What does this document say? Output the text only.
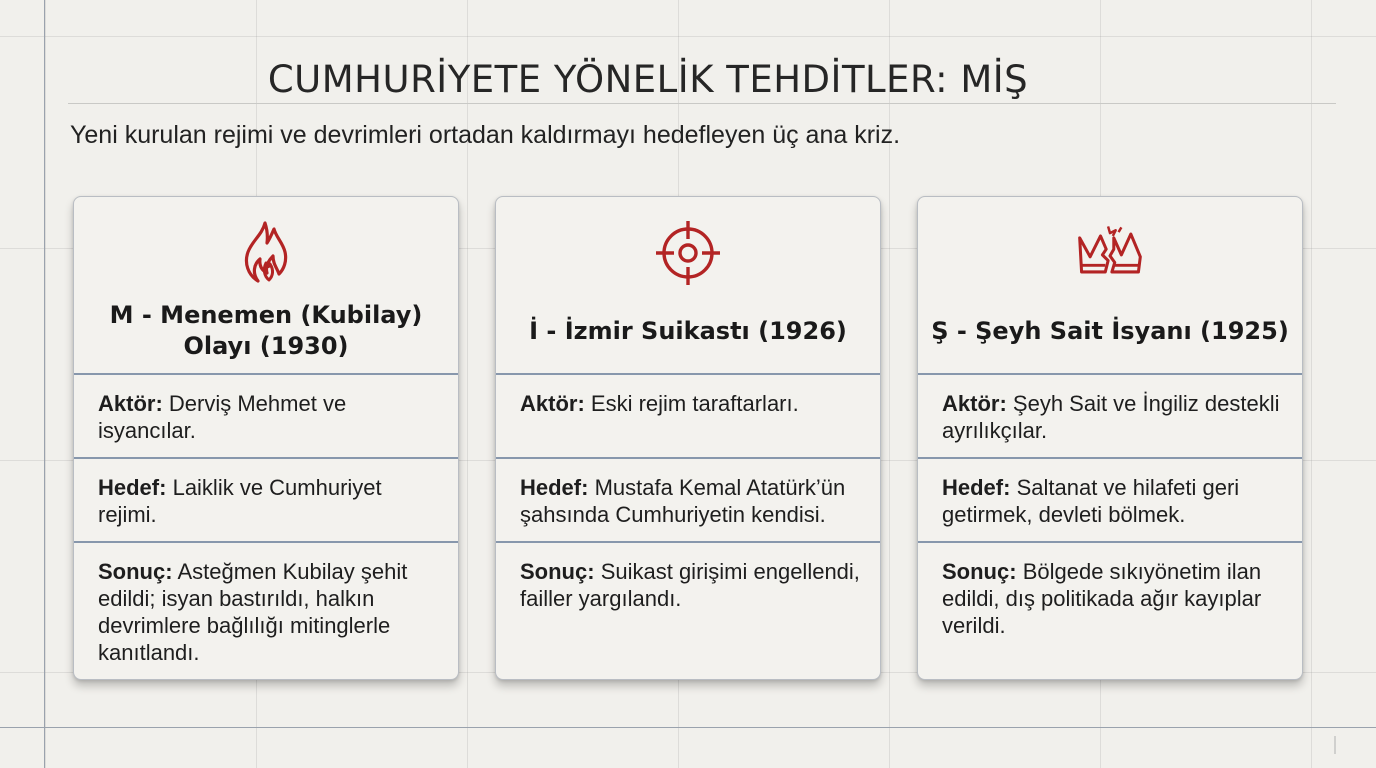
CUMHURİYETE YÖNELİK TEHDİTLER: MİŞ

Yeni kurulan rejimi ve devrimleri ortadan kaldırmayı hedefleyen üç ana kriz.

M - Menemen (Kubilay) Olayı (1930)
Aktör: Derviş Mehmet ve isyancılar.
Hedef: Laiklik ve Cumhuriyet rejimi.
Sonuç: Asteğmen Kubilay şehit edildi; isyan bastırıldı, halkın devrimlere bağlılığı mitinglerle kanıtlandı.
İ - İzmir Suikastı (1926)
Aktör: Eski rejim taraftarları.
Hedef: Mustafa Kemal Atatürk’ün şahsında Cumhuriyetin kendisi.
Sonuç: Suikast girişimi engellendi, failler yargılandı.
Ş - Şeyh Sait İsyanı (1925)
Aktör: Şeyh Sait ve İngiliz destekli ayrılıkçılar.
Hedef: Saltanat ve hilafeti geri getirmek, devleti bölmek.
Sonuç: Bölgede sıkıyönetim ilan edildi, dış politikada ağır kayıplar verildi.
